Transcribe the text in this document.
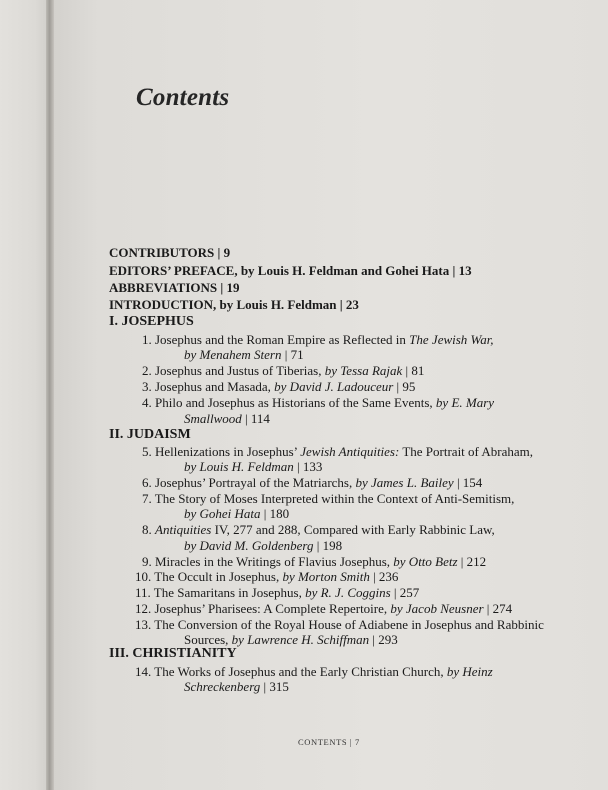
Contents
CONTRIBUTORS | 9
EDITORS’ PREFACE, by Louis H. Feldman and Gohei Hata | 13
ABBREVIATIONS | 19
INTRODUCTION, by Louis H. Feldman | 23
I. JOSEPHUS
1. Josephus and the Roman Empire as Reflected in The Jewish War,
by Menahem Stern | 71
2. Josephus and Justus of Tiberias, by Tessa Rajak | 81
3. Josephus and Masada, by David J. Ladouceur | 95
4. Philo and Josephus as Historians of the Same Events, by E. Mary
Smallwood | 114
II. JUDAISM
5. Hellenizations in Josephus’ Jewish Antiquities: The Portrait of Abraham,
by Louis H. Feldman | 133
6. Josephus’ Portrayal of the Matriarchs, by James L. Bailey | 154
7. The Story of Moses Interpreted within the Context of Anti-Semitism,
by Gohei Hata | 180
8. Antiquities IV, 277 and 288, Compared with Early Rabbinic Law,
by David M. Goldenberg | 198
9. Miracles in the Writings of Flavius Josephus, by Otto Betz | 212
10. The Occult in Josephus, by Morton Smith | 236
11. The Samaritans in Josephus, by R. J. Coggins | 257
12. Josephus’ Pharisees: A Complete Repertoire, by Jacob Neusner | 274
13. The Conversion of the Royal House of Adiabene in Josephus and Rabbinic
Sources, by Lawrence H. Schiffman | 293
III. CHRISTIANITY
14. The Works of Josephus and the Early Christian Church, by Heinz
Schreckenberg | 315
CONTENTS | 7
